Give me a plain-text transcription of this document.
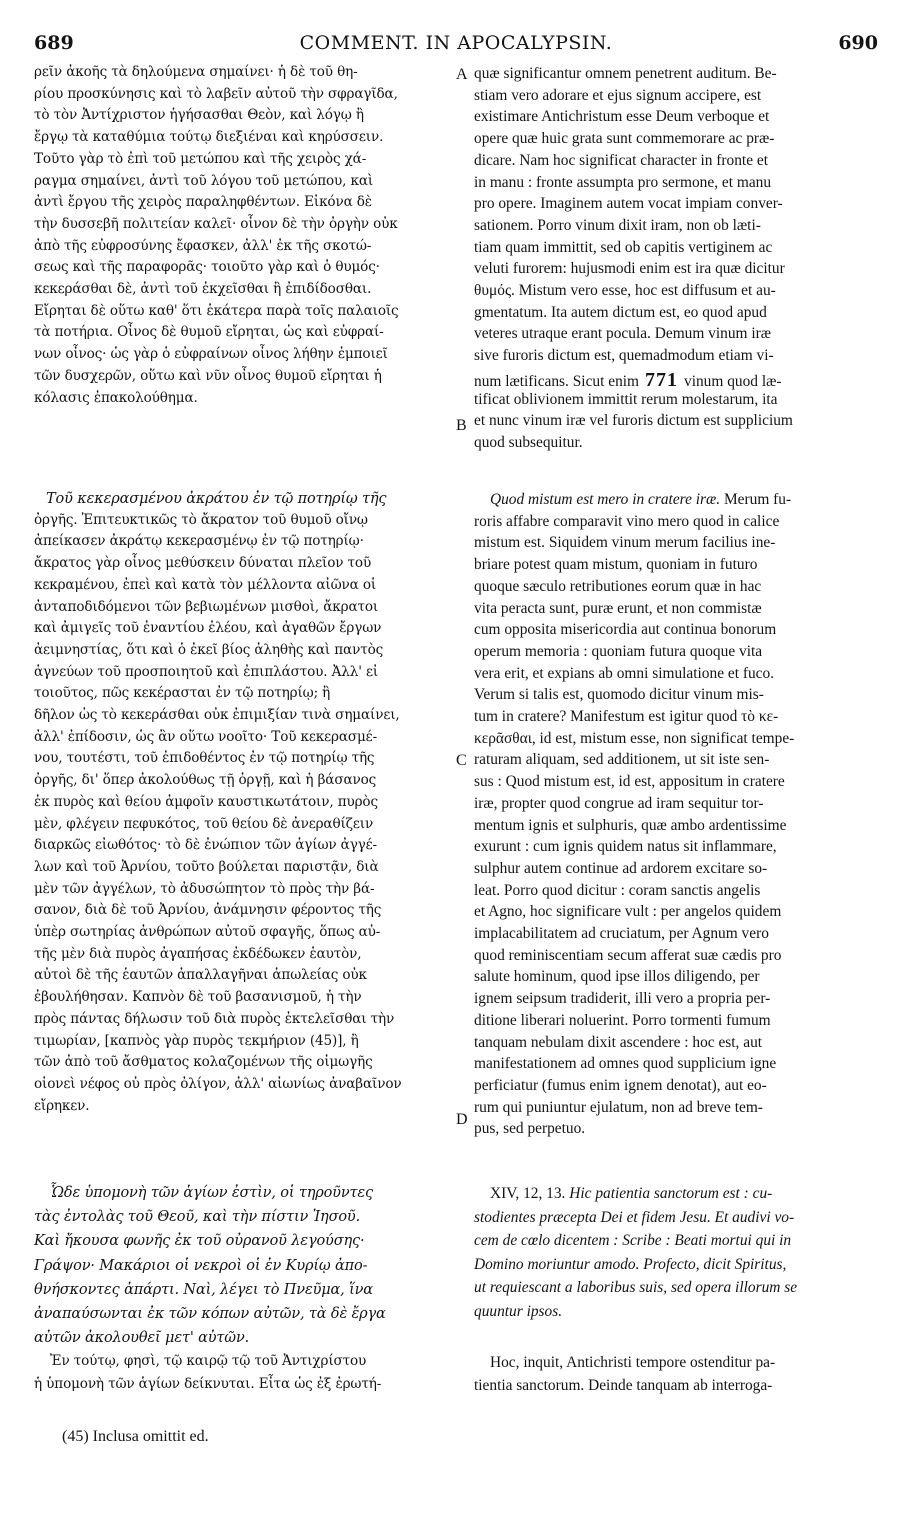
689	COMMENT. IN APOCALYPSIN.	690
A
B
C
D
ρεῖν ἀκοῆς τὰ δηλούμενα σημαίνει· ἡ δὲ τοῦ θη-
ρίου προσκύνησις καὶ τὸ λαβεῖν αὐτοῦ τὴν σφραγῖδα,
τὸ τὸν Ἀντίχριστον ἡγήσασθαι Θεὸν, καὶ λόγῳ ἢ
ἔργῳ τὰ καταθύμια τούτῳ διεξιέναι καὶ κηρύσσειν.
Τοῦτο γὰρ τὸ ἐπὶ τοῦ μετώπου καὶ τῆς χειρὸς χά-
ραγμα σημαίνει, ἀντὶ τοῦ λόγου τοῦ μετώπου, καὶ
ἀντὶ ἔργου τῆς χειρὸς παραληφθέντων. Εἰκόνα δὲ
τὴν δυσσεβῆ πολιτείαν καλεῖ· οἶνον δὲ τὴν ὀργὴν οὐκ
ἀπὸ τῆς εὐφροσύνης ἔφασκεν, ἀλλ' ἐκ τῆς σκοτώ-
σεως καὶ τῆς παραφορᾶς· τοιοῦτο γὰρ καὶ ὁ θυμός·
κεκεράσθαι δὲ, ἀντὶ τοῦ ἐκχεῖσθαι ἢ ἐπιδίδοσθαι.
Εἴρηται δὲ οὕτω καθ' ὅτι ἑκάτερα παρὰ τοῖς παλαιοῖς
τὰ ποτήρια. Οἶνος δὲ θυμοῦ εἴρηται, ὡς καὶ εὐφραί-
νων οἶνος· ὡς γὰρ ὁ εὐφραίνων οἶνος λήθην ἐμποιεῖ
τῶν δυσχερῶν, οὕτω καὶ νῦν οἶνος θυμοῦ εἴρηται ἡ
κόλασις ἐπακολούθημα.
Τοῦ κεκερασμένου ἀκράτου ἐν τῷ ποτηρίῳ τῆς
ὀργῆς. Ἐπιτευκτικῶς τὸ ἄκρατον τοῦ θυμοῦ οἴνῳ
ἀπείκασεν ἀκράτῳ κεκερασμένῳ ἐν τῷ ποτηρίῳ·
ἄκρατος γὰρ οἶνος μεθύσκειν δύναται πλεῖον τοῦ
κεκραμένου, ἐπεὶ καὶ κατὰ τὸν μέλλοντα αἰῶνα οἱ
ἀνταποδιδόμενοι τῶν βεβιωμένων μισθοὶ, ἄκρατοι
καὶ ἀμιγεῖς τοῦ ἐναντίου ἐλέου, καὶ ἀγαθῶν ἔργων
ἀειμνηστίας, ὅτι καὶ ὁ ἐκεῖ βίος ἀληθὴς καὶ παντὸς
ἁγνεύων τοῦ προσποιητοῦ καὶ ἐπιπλάστου. Ἀλλ' εἰ
τοιοῦτος, πῶς κεκέρασται ἐν τῷ ποτηρίῳ; ἢ
δῆλον ὡς τὸ κεκεράσθαι οὐκ ἐπιμιξίαν τινὰ σημαίνει,
ἀλλ' ἐπίδοσιν, ὡς ἂν οὕτω νοοῖτο· Τοῦ κεκερασμέ-
νου, τουτέστι, τοῦ ἐπιδοθέντος ἐν τῷ ποτηρίῳ τῆς
ὀργῆς, δι' ὅπερ ἀκολούθως τῇ ὀργῇ, καὶ ἡ βάσανος
ἐκ πυρὸς καὶ θείου ἀμφοῖν καυστικωτάτοιν, πυρὸς
μὲν, φλέγειν πεφυκότος, τοῦ θείου δὲ ἀνεραθίζειν
διαρκῶς εἰωθότος· τὸ δὲ ἐνώπιον τῶν ἁγίων ἀγγέ-
λων καὶ τοῦ Ἀρνίου, τοῦτο βούλεται παριστᾷν, διὰ
μὲν τῶν ἀγγέλων, τὸ ἀδυσώπητον τὸ πρὸς τὴν βά-
σανον, διὰ δὲ τοῦ Ἀρνίου, ἀνάμνησιν φέροντος τῆς
ὑπὲρ σωτηρίας ἀνθρώπων αὐτοῦ σφαγῆς, ὅπως αὐ-
τῆς μὲν διὰ πυρὸς ἀγαπήσας ἐκδέδωκεν ἑαυτὸν,
αὐτοὶ δὲ τῆς ἑαυτῶν ἀπαλλαγῆναι ἀπωλείας οὐκ
ἐβουλήθησαν. Καπνὸν δὲ τοῦ βασανισμοῦ, ἡ τὴν
πρὸς πάντας δήλωσιν τοῦ διὰ πυρὸς ἐκτελεῖσθαι τὴν
τιμωρίαν, [καπνὸς γὰρ πυρὸς τεκμήριον (45)], ἢ
τῶν ἀπὸ τοῦ ἄσθματος κολαζομένων τῆς οἰμωγῆς
οἱονεὶ νέφος οὐ πρὸς ὀλίγον, ἀλλ' αἰωνίως ἀναβαῖνον
εἴρηκεν.
Ὧδε ὑπομονὴ τῶν ἁγίων ἐστὶν, οἱ τηροῦντες
τὰς ἐντολὰς τοῦ Θεοῦ, καὶ τὴν πίστιν Ἰησοῦ.
Καὶ ἤκουσα φωνῆς ἐκ τοῦ οὐρανοῦ λεγούσης·
Γράψον· Μακάριοι οἱ νεκροὶ οἱ ἐν Κυρίῳ ἀπο-
θνήσκοντες ἀπάρτι. Ναὶ, λέγει τὸ Πνεῦμα, ἵνα
ἀναπαύσωνται ἐκ τῶν κόπων αὐτῶν, τὰ δὲ ἔργα
αὐτῶν ἀκολουθεῖ μετ' αὐτῶν.
Ἐν τούτῳ, φησὶ, τῷ καιρῷ τῷ τοῦ Ἀντιχρίστου
ἡ ὑπομονὴ τῶν ἁγίων δείκνυται. Εἶτα ὡς ἐξ ἐρωτή-
quæ significantur omnem penetrent auditum. Be-
stiam vero adorare et ejus signum accipere, est
existimare Antichristum esse Deum verboque et
opere quæ huic grata sunt commemorare ac præ-
dicare. Nam hoc significat character in fronte et
in manu : fronte assumpta pro sermone, et manu
pro opere. Imaginem autem vocat impiam conver-
sationem. Porro vinum dixit iram, non ob læti-
tiam quam immittit, sed ob capitis vertiginem ac
veluti furorem: hujusmodi enim est ira quæ dicitur
θυμός. Mistum vero esse, hoc est diffusum et au-
gmentatum. Ita autem dictum est, eo quod apud
veteres utraque erant pocula. Demum vinum iræ
sive furoris dictum est, quemadmodum etiam vi-
num lætificans. Sicut enim 771 vinum quod læ-
tificat oblivionem immittit rerum molestarum, ita
et nunc vinum iræ vel furoris dictum est supplicium
quod subsequitur.
Quod mistum est mero in cratere iræ. Merum fu-
roris affabre comparavit vino mero quod in calice
mistum est. Siquidem vinum merum facilius ine-
briare potest quam mistum, quoniam in futuro
quoque sæculo retributiones eorum quæ in hac
vita peracta sunt, puræ erunt, et non commistæ
cum opposita misericordia aut continua bonorum
operum memoria : quoniam futura quoque vita
vera erit, et expians ab omni simulatione et fuco.
Verum si talis est, quomodo dicitur vinum mis-
tum in cratere? Manifestum est igitur quod τὸ κε-
κερᾶσθαι, id est, mistum esse, non significat tempe-
raturam aliquam, sed additionem, ut sit iste sen-
sus : Quod mistum est, id est, appositum in cratere
iræ, propter quod congrue ad iram sequitur tor-
mentum ignis et sulphuris, quæ ambo ardentissime
exurunt : cum ignis quidem natus sit inflammare,
sulphur autem continue ad ardorem excitare so-
leat. Porro quod dicitur : coram sanctis angelis
et Agno, hoc significare vult : per angelos quidem
implacabilitatem ad cruciatum, per Agnum vero
quod reminiscentiam secum afferat suæ cædis pro
salute hominum, quod ipse illos diligendo, per
ignem seipsum tradiderit, illi vero a propria per-
ditione liberari noluerint. Porro tormenti fumum
tanquam nebulam dixit ascendere : hoc est, aut
manifestationem ad omnes quod supplicium igne
perficiatur (fumus enim ignem denotat), aut eo-
rum qui puniuntur ejulatum, non ad breve tem-
pus, sed perpetuo.
XIV, 12, 13. Hic patientia sanctorum est : cu-
stodientes præcepta Dei et fidem Jesu. Et audivi vo-
cem de cœlo dicentem : Scribe : Beati mortui qui in
Domino moriuntur amodo. Profecto, dicit Spiritus,
ut requiescant a laboribus suis, sed opera illorum se
quuntur ipsos.
Hoc, inquit, Antichristi tempore ostenditur pa-
tientia sanctorum. Deinde tanquam ab interroga-
(45) Inclusa omittit ed.
